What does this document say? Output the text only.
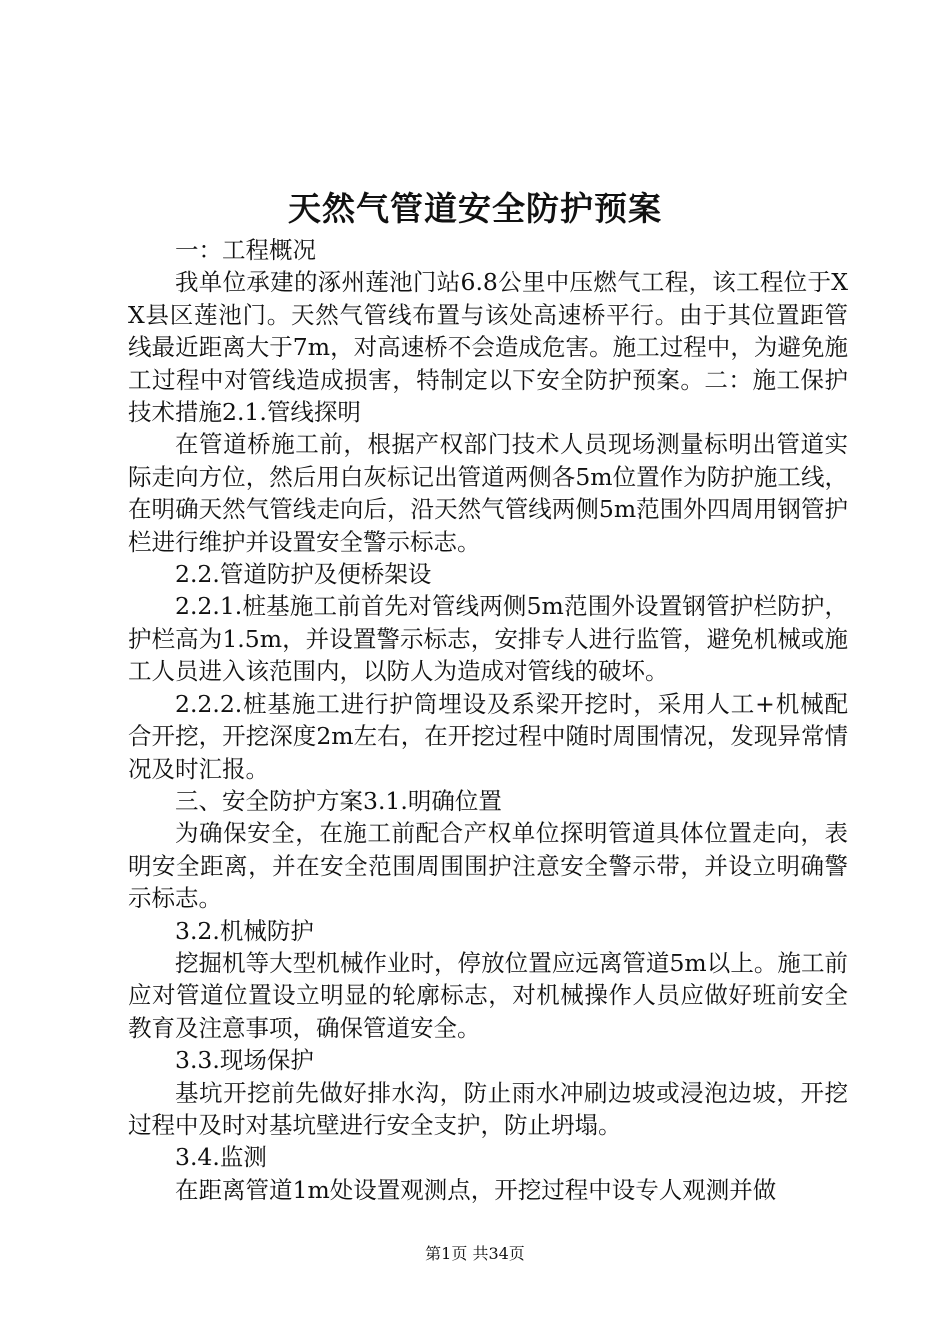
天然气管道安全防护预案

一：工程概况

我单位承建的涿州莲池门站6.8公里中压燃气工程，该工程位于XX县区莲池门。天然气管线布置与该处高速桥平行。由于其位置距管线最近距离大于7m，对高速桥不会造成危害。施工过程中，为避免施工过程中对管线造成损害，特制定以下安全防护预案。二：施工保护技术措施2.1.管线探明

在管道桥施工前，根据产权部门技术人员现场测量标明出管道实际走向方位，然后用白灰标记出管道两侧各5m位置作为防护施工线，在明确天然气管线走向后，沿天然气管线两侧5m范围外四周用钢管护栏进行维护并设置安全警示标志。

2.2.管道防护及便桥架设

2.2.1.桩基施工前首先对管线两侧5m范围外设置钢管护栏防护，护栏高为1.5m，并设置警示标志，安排专人进行监管，避免机械或施工人员进入该范围内，以防人为造成对管线的破坏。

2.2.2.桩基施工进行护筒埋设及系梁开挖时，采用人工+机械配合开挖，开挖深度2m左右，在开挖过程中随时周围情况，发现异常情况及时汇报。

三、安全防护方案3.1.明确位置

为确保安全，在施工前配合产权单位探明管道具体位置走向，表明安全距离，并在安全范围周围围护注意安全警示带，并设立明确警示标志。

3.2.机械防护

挖掘机等大型机械作业时，停放位置应远离管道5m以上。施工前应对管道位置设立明显的轮廓标志，对机械操作人员应做好班前安全教育及注意事项，确保管道安全。

3.3.现场保护

基坑开挖前先做好排水沟，防止雨水冲刷边坡或浸泡边坡，开挖过程中及时对基坑壁进行安全支护，防止坍塌。

3.4.监测

在距离管道1m处设置观测点，开挖过程中设专人观测并做

第1页 共34页
